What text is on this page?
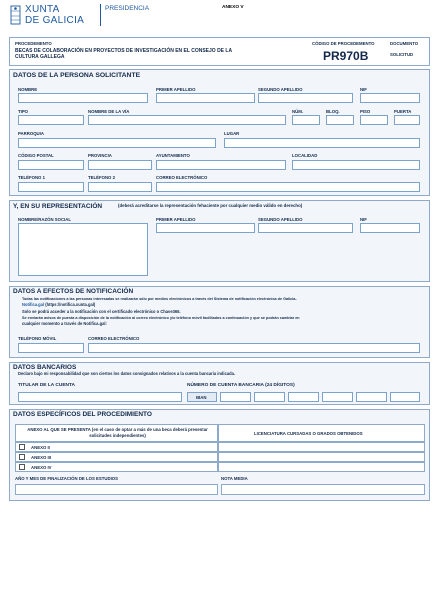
XUNTA
DE GALICIA
PRESIDENCIA	ANEXO V
PROCEDEMENTO
BECAS DE COLABORACIÓN EN PROYECTOS DE INVESTIGACIÓN EN EL CONSEJO DE LA
CULTURA GALLEGA
CÓDIGO DE PROCEDEMENTO
PR970B
DOCUMENTO
SOLICITUD
DATOS DE LA PERSONA SOLICITANTE
NOMBRE	PRIMER APELLIDO	SEGUNDO APELLIDO	NIF
TIPO	NOMBRE DE LA VÍA	NÚM.	BLOQ.	PISO	PUERTA
PARROQUIA	LUGAR
CÓDIGO POSTAL	PROVINCIA	AYUNTAMIENTO	LOCALIDAD
TELÉFONO 1	TELÉFONO 2	CORREO ELECTRÓNICO
Y, EN SU REPRESENTACIÓN	(deberá acreditarse la representación fehaciente por cualquier medio válido en derecho)
NOMBRE/RAZÓN SOCIAL	PRIMER APELLIDO	SEGUNDO APELLIDO	NIF
DATOS A EFECTOS DE NOTIFICACIÓN
Todas las notificaciones a las personas interesadas se realizarán sólo por medios electrónicos a través del Sistema de notificación electrónica de Galicia-
Notifica.gal (https://notifica.xunta.gal)
Solo se podrá acceder a la notificación con el certificado electrónico o Chave365.
Se enviarán avisos de puesta a disposición de la notificación al correo electrónico y/o teléfono móvil facilitados a continuación y que se podrán cambiar en
cualquier momento a través de Notifica.gal:
TELÉFONO MÓVIL	CORREO ELECTRÓNICO
DATOS BANCARIOS
Declaro bajo mi responsabilidad que son ciertos los datos consignados relativos a la cuenta bancaria indicada.
TITULAR DE LA CUENTA	NÚMERO DE CUENTA BANCARIA (24 DÍGITOS)
IBAN
DATOS ESPECÍFICOS DEL PROCEDIMIENTO
ANEXO AL QUE SE PRESENTA (en el caso de optar a más de una beca deberá presentar solicitudes independientes)	LICENCIATURA CURSADAS O GRADOS OBTENIDOS
ANEXO II
ANEXO III
ANEXO IV
AÑO Y MES DE FINALIZACIÓN DE LOS ESTUDIOS	NOTA MEDIA
